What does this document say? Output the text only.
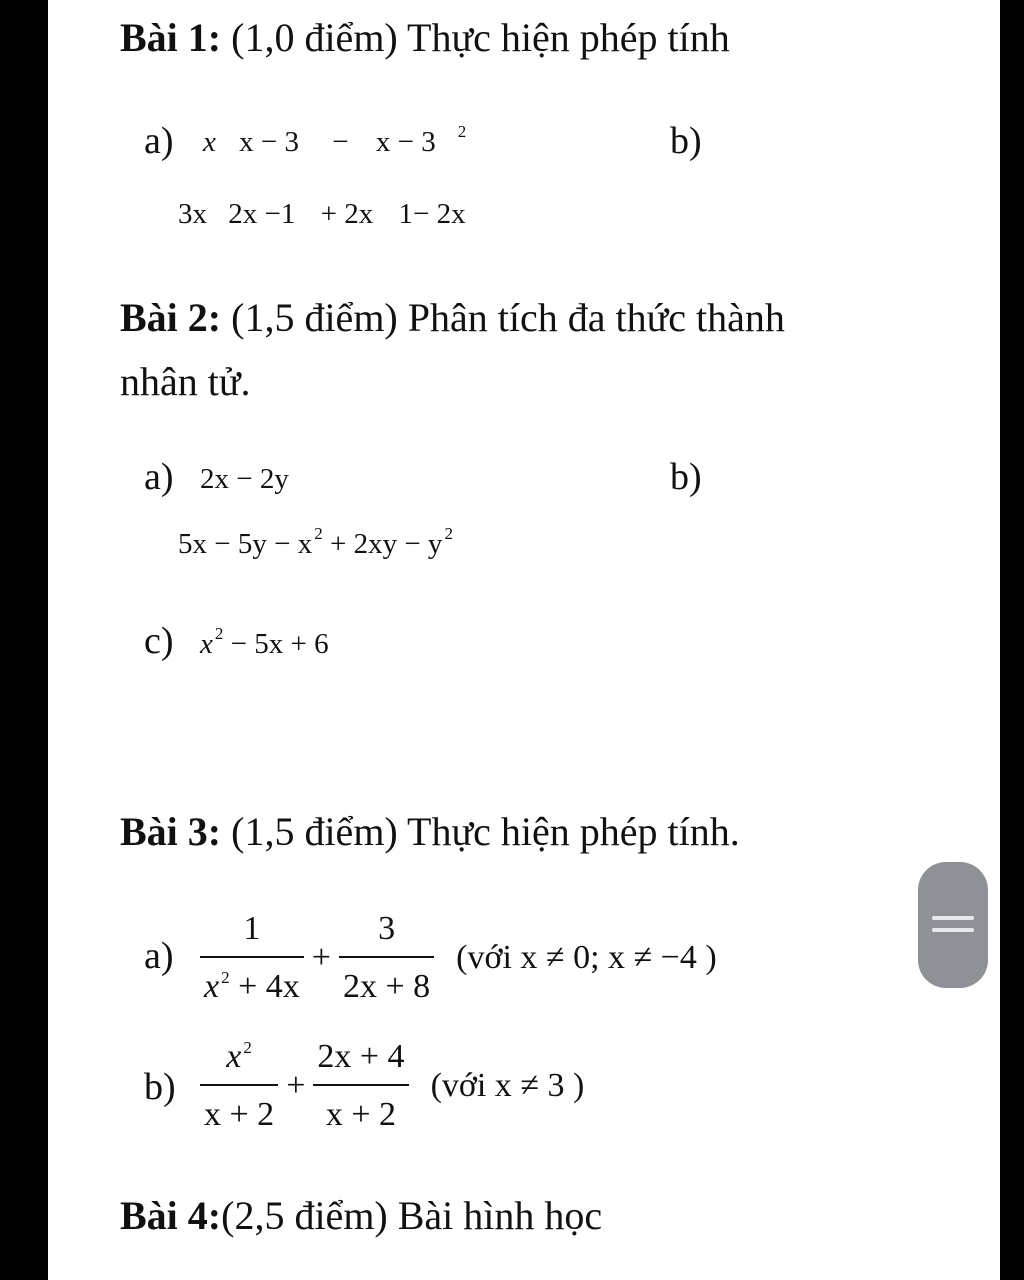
Bài 1: (1,0 điểm) Thực hiện phép tính
a) x x − 3 − x − 3 $^2$	b)
3x 2x −1 + 2x 1− 2x
Bài 2: (1,5 điểm) Phân tích đa thức thành
nhân tử.
a) 2x − 2y	b)
5x − 5y − x $^2$ + 2xy − y $^2$
c) x $^2$ − 5x + 6
Bài 3: (1,5 điểm) Thực hiện phép tính.
$a) \frac{1}{x ^2 + 4x} + \frac{3}{2x + 8}$ (với x ≠ 0; x ≠ −4 )
$b) \frac{x ^2}{x + 2} + \frac{2x + 4}{x + 2}$ (với x ≠ 3 )
Bài 4:(2,5 điểm) Bài hình học
